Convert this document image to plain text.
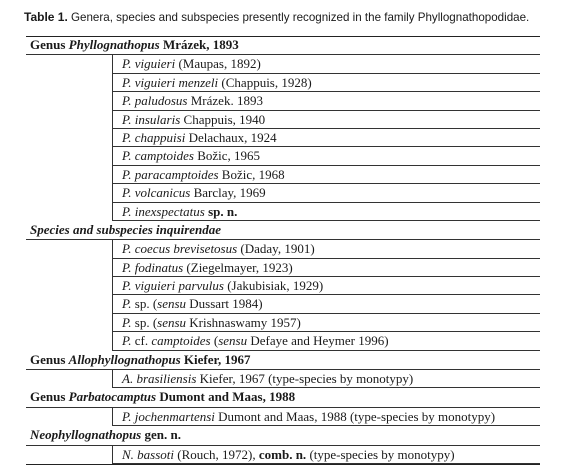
Table 1. Genera, species and subspecies presently recognized in the family Phyllognathopodidae.
Genus Phyllognathopus Mrázek, 1893
P. viguieri (Maupas, 1892)
P. viguieri menzeli (Chappuis, 1928)
P. paludosus Mrázek. 1893
P. insularis Chappuis, 1940
P. chappuisi Delachaux, 1924
P. camptoides Božic, 1965
P. paracamptoides Božic, 1968
P. volcanicus Barclay, 1969
P. inexspectatus sp. n.
Species and subspecies inquirendae
P. coecus brevisetosus (Daday, 1901)
P. fodinatus (Ziegelmayer, 1923)
P. viguieri parvulus (Jakubisiak, 1929)
P. sp. (sensu Dussart 1984)
P. sp. (sensu Krishnaswamy 1957)
P. cf. camptoides (sensu Defaye and Heymer 1996)
Genus Allophyllognathopus Kiefer, 1967
A. brasiliensis Kiefer, 1967 (type-species by monotypy)
Genus Parbatocamptus Dumont and Maas, 1988
P. jochenmartensi Dumont and Maas, 1988 (type-species by monotypy)
Neophyllognathopus gen. n.
N. bassoti (Rouch, 1972), comb. n. (type-species by monotypy)
